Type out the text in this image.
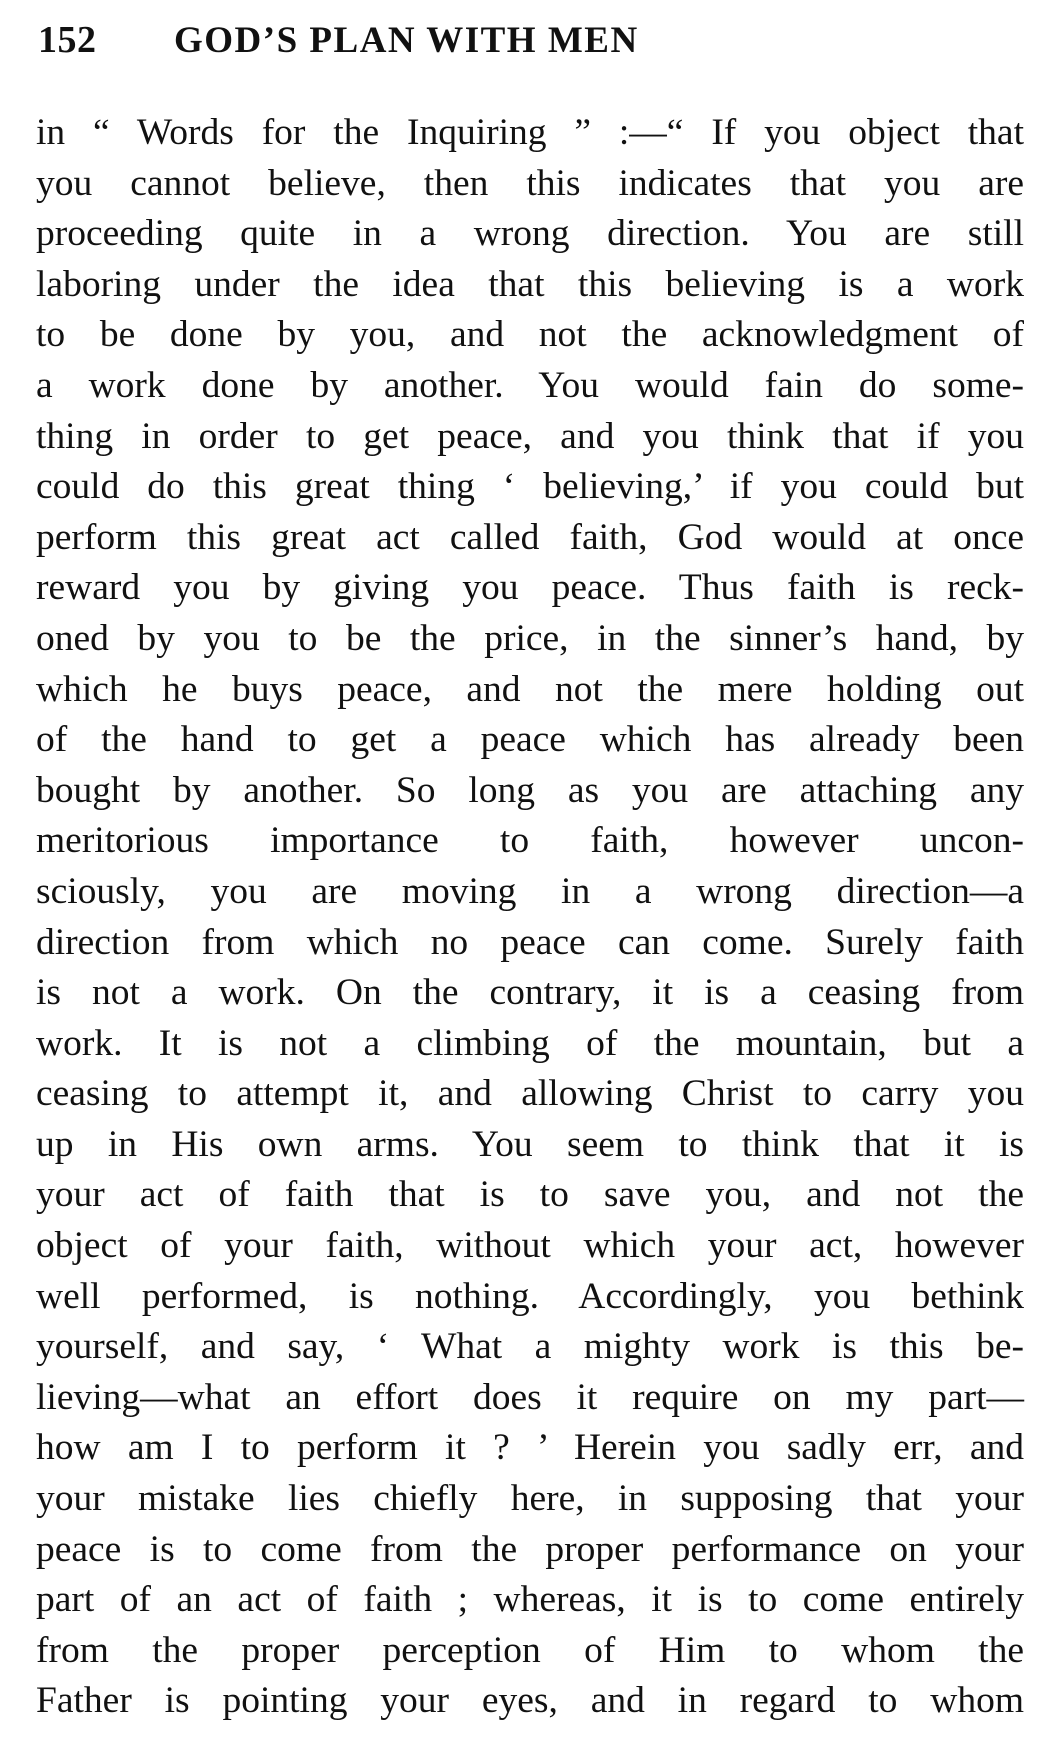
152	GOD’S PLAN WITH MEN
in “ Words for the Inquiring ” :—“ If you object that
you cannot believe, then this indicates that you are
proceeding quite in a wrong direction. You are still
laboring under the idea that this believing is a work
to be done by you, and not the acknowledgment of
a work done by another. You would fain do some-
thing in order to get peace, and you think that if you
could do this great thing ‘ believing,’ if you could but
perform this great act called faith, God would at once
reward you by giving you peace. Thus faith is reck-
oned by you to be the price, in the sinner’s hand, by
which he buys peace, and not the mere holding out
of the hand to get a peace which has already been
bought by another. So long as you are attaching any
meritorious importance to faith, however uncon-
sciously, you are moving in a wrong direction—a
direction from which no peace can come. Surely faith
is not a work. On the contrary, it is a ceasing from
work. It is not a climbing of the mountain, but a
ceasing to attempt it, and allowing Christ to carry you
up in His own arms. You seem to think that it is
your act of faith that is to save you, and not the
object of your faith, without which your act, however
well performed, is nothing. Accordingly, you bethink
yourself, and say, ‘ What a mighty work is this be-
lieving—what an effort does it require on my part—
how am I to perform it ? ’ Herein you sadly err, and
your mistake lies chiefly here, in supposing that your
peace is to come from the proper performance on your
part of an act of faith ; whereas, it is to come entirely
from the proper perception of Him to whom the
Father is pointing your eyes, and in regard to whom
